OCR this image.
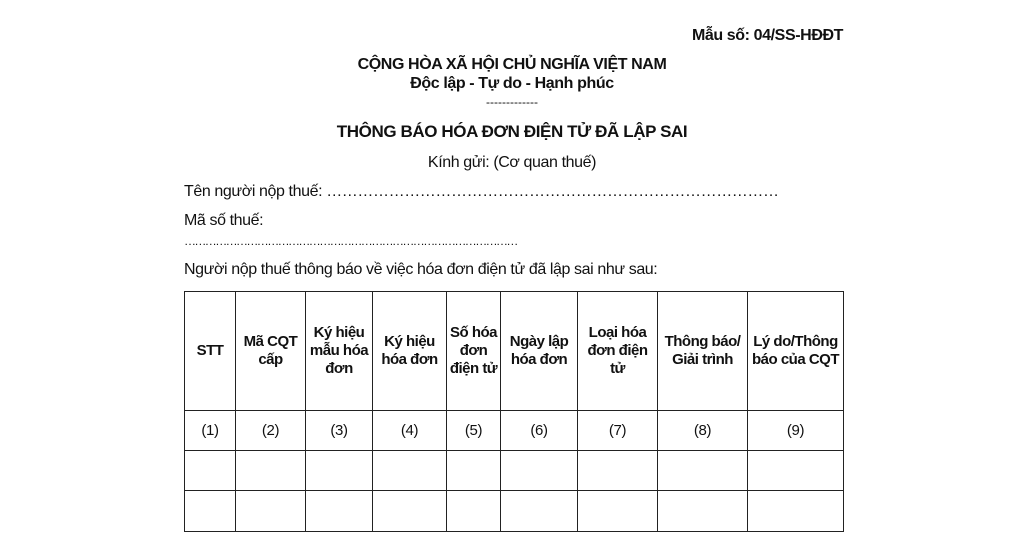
Mẫu số: 04/SS-HĐĐT
CỘNG HÒA XÃ HỘI CHỦ NGHĨA VIỆT NAM
Độc lập - Tự do - Hạnh phúc
-------------
THÔNG BÁO HÓA ĐƠN ĐIỆN TỬ ĐÃ LẬP SAI
Kính gửi: (Cơ quan thuế)
Tên người nộp thuế: ……………………………………………………………………………
Mã số thuế:
……………………………………………………………………………………
Người nộp thuế thông báo về việc hóa đơn điện tử đã lập sai như sau:
STT	Mã CQT cấp	Ký hiệu mẫu hóa đơn	Ký hiệu hóa đơn	Số hóa đơn điện tử	Ngày lập hóa đơn	Loại hóa đơn điện tử	Thông báo/ Giải trình	Lý do/Thông báo của CQT
(1)	(2)	(3)	(4)	(5)	(6)	(7)	(8)	(9)
